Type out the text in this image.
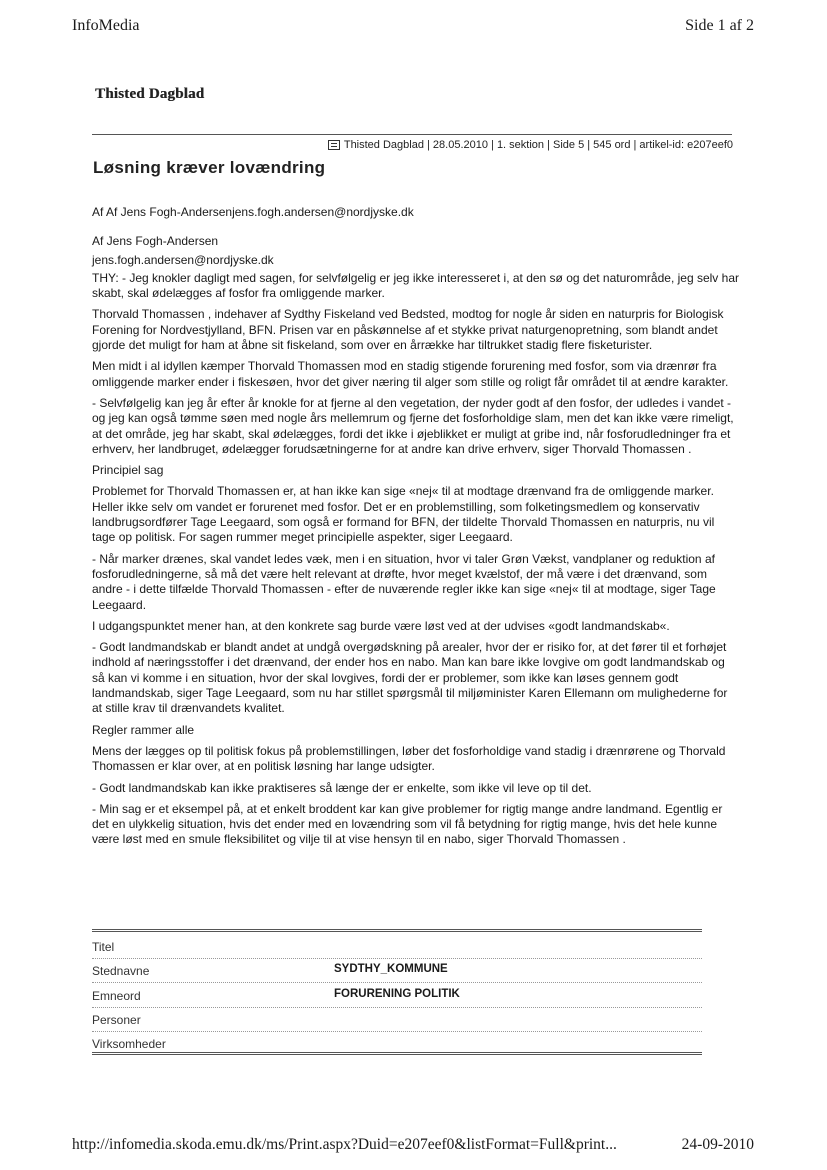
InfoMedia	Side 1 af 2
Thisted Dagblad
Thisted Dagblad | 28.05.2010 | 1. sektion | Side 5 | 545 ord | artikel-id: e207eef0
Løsning kræver lovændring

Af Af Jens Fogh-Andersenjens.fogh.andersen@nordjyske.dk

Af Jens Fogh-Andersen

jens.fogh.andersen@nordjyske.dk

THY: - Jeg knokler dagligt med sagen, for selvfølgelig er jeg ikke interesseret i, at den sø og det naturområde, jeg selv har skabt, skal ødelægges af fosfor fra omliggende marker.

Thorvald Thomassen , indehaver af Sydthy Fiskeland ved Bedsted, modtog for nogle år siden en naturpris for Biologisk Forening for Nordvestjylland, BFN. Prisen var en påskønnelse af et stykke privat naturgenopretning, som blandt andet gjorde det muligt for ham at åbne sit fiskeland, som over en årrække har tiltrukket stadig flere fisketurister.

Men midt i al idyllen kæmper Thorvald Thomassen mod en stadig stigende forurening med fosfor, som via drænrør fra omliggende marker ender i fiskesøen, hvor det giver næring til alger som stille og roligt får området til at ændre karakter.

- Selvfølgelig kan jeg år efter år knokle for at fjerne al den vegetation, der nyder godt af den fosfor, der udledes i vandet - og jeg kan også tømme søen med nogle års mellemrum og fjerne det fosforholdige slam, men det kan ikke være rimeligt, at det område, jeg har skabt, skal ødelægges, fordi det ikke i øjeblikket er muligt at gribe ind, når fosforudledninger fra et erhverv, her landbruget, ødelægger forudsætningerne for at andre kan drive erhverv, siger Thorvald Thomassen .

Principiel sag

Problemet for Thorvald Thomassen er, at han ikke kan sige «nej« til at modtage drænvand fra de omliggende marker. Heller ikke selv om vandet er forurenet med fosfor. Det er en problemstilling, som folketingsmedlem og konservativ landbrugsordfører Tage Leegaard, som også er formand for BFN, der tildelte Thorvald Thomassen en naturpris, nu vil tage op politisk. For sagen rummer meget principielle aspekter, siger Leegaard.

- Når marker drænes, skal vandet ledes væk, men i en situation, hvor vi taler Grøn Vækst, vandplaner og reduktion af fosforudledningerne, så må det være helt relevant at drøfte, hvor meget kvælstof, der må være i det drænvand, som andre - i dette tilfælde Thorvald Thomassen - efter de nuværende regler ikke kan sige «nej« til at modtage, siger Tage Leegaard.

I udgangspunktet mener han, at den konkrete sag burde være løst ved at der udvises «godt landmandskab«.

- Godt landmandskab er blandt andet at undgå overgødskning på arealer, hvor der er risiko for, at det fører til et forhøjet indhold af næringsstoffer i det drænvand, der ender hos en nabo. Man kan bare ikke lovgive om godt landmandskab og så kan vi komme i en situation, hvor der skal lovgives, fordi der er problemer, som ikke kan løses gennem godt landmandskab, siger Tage Leegaard, som nu har stillet spørgsmål til miljøminister Karen Ellemann om mulighederne for at stille krav til drænvandets kvalitet.

Regler rammer alle

Mens der lægges op til politisk fokus på problemstillingen, løber det fosforholdige vand stadig i drænrørene og Thorvald Thomassen er klar over, at en politisk løsning har lange udsigter.

- Godt landmandskab kan ikke praktiseres så længe der er enkelte, som ikke vil leve op til det.

- Min sag er et eksempel på, at et enkelt broddent kar kan give problemer for rigtig mange andre landmand. Egentlig er det en ulykkelig situation, hvis det ender med en lovændring som vil få betydning for rigtig mange, hvis det hele kunne være løst med en smule fleksibilitet og vilje til at vise hensyn til en nabo, siger Thorvald Thomassen .

Titel
Stednavne	SYDTHY_KOMMUNE
Emneord	FORURENING POLITIK
Personer
Virksomheder
http://infomedia.skoda.emu.dk/ms/Print.aspx?Duid=e207eef0&listFormat=Full&print...	24-09-2010
